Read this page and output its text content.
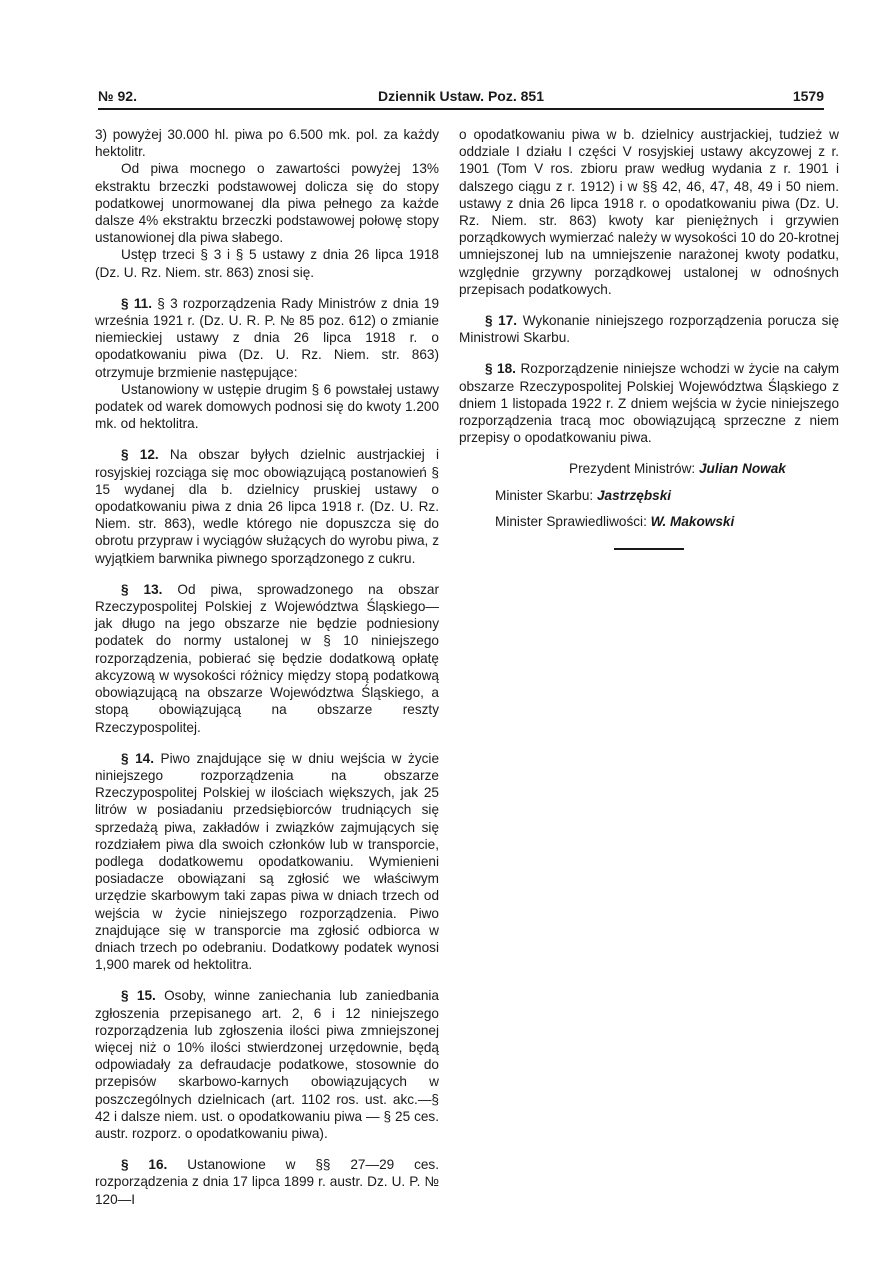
№ 92.	Dziennik Ustaw. Poz. 851	1579

3) powyżej 30.000 hl. piwa po 6.500 mk. pol. za każdy hektolitr.

Od piwa mocnego o zawartości powyżej 13% ekstraktu brzeczki podstawowej dolicza się do stopy podatkowej unormowanej dla piwa pełnego za każde dalsze 4% ekstraktu brzeczki podstawowej połowę stopy ustanowionej dla piwa słabego.

Ustęp trzeci § 3 i § 5 ustawy z dnia 26 lipca 1918 (Dz. U. Rz. Niem. str. 863) znosi się.

§ 11. § 3 rozporządzenia Rady Ministrów z dnia 19 września 1921 r. (Dz. U. R. P. № 85 poz. 612) o zmianie niemieckiej ustawy z dnia 26 lipca 1918 r. o opodatkowaniu piwa (Dz. U. Rz. Niem. str. 863) otrzymuje brzmienie następujące:

Ustanowiony w ustępie drugim § 6 powstałej ustawy podatek od warek domowych podnosi się do kwoty 1.200 mk. od hektolitra.

§ 12. Na obszar byłych dzielnic austrjackiej i rosyjskiej rozciąga się moc obowiązującą postanowień § 15 wydanej dla b. dzielnicy pruskiej ustawy o opodatkowaniu piwa z dnia 26 lipca 1918 r. (Dz. U. Rz. Niem. str. 863), wedle którego nie dopuszcza się do obrotu przypraw i wyciągów służących do wyrobu piwa, z wyjątkiem barwnika piwnego sporządzonego z cukru.

§ 13. Od piwa, sprowadzonego na obszar Rzeczypospolitej Polskiej z Województwa Śląskiego—jak długo na jego obszarze nie będzie podniesiony podatek do normy ustalonej w § 10 niniejszego rozporządzenia, pobierać się będzie dodatkową opłatę akcyzową w wysokości różnicy między stopą podatkową obowiązującą na obszarze Województwa Śląskiego, a stopą obowiązującą na obszarze reszty Rzeczypospolitej.

§ 14. Piwo znajdujące się w dniu wejścia w życie niniejszego rozporządzenia na obszarze Rzeczypospolitej Polskiej w ilościach większych, jak 25 litrów w posiadaniu przedsiębiorców trudniących się sprzedażą piwa, zakładów i związków zajmujących się rozdziałem piwa dla swoich członków lub w transporcie, podlega dodatkowemu opodatkowaniu. Wymienieni posiadacze obowiązani są zgłosić we właściwym urzędzie skarbowym taki zapas piwa w dniach trzech od wejścia w życie niniejszego rozporządzenia. Piwo znajdujące się w transporcie ma zgłosić odbiorca w dniach trzech po odebraniu. Dodatkowy podatek wynosi 1,900 marek od hektolitra.

§ 15. Osoby, winne zaniechania lub zaniedbania zgłoszenia przepisanego art. 2, 6 i 12 niniejszego rozporządzenia lub zgłoszenia ilości piwa zmniejszonej więcej niż o 10% ilości stwierdzonej urzędownie, będą odpowiadały za defraudacje podatkowe, stosownie do przepisów skarbowo-karnych obowiązujących w poszczególnych dzielnicach (art. 1102 ros. ust. akc.—§ 42 i dalsze niem. ust. o opodatkowaniu piwa — § 25 ces. austr. rozporz. o opodatkowaniu piwa).

§ 16. Ustanowione w §§ 27—29 ces. rozporządzenia z dnia 17 lipca 1899 r. austr. Dz. U. P. № 120—I

o opodatkowaniu piwa w b. dzielnicy austrjackiej, tudzież w oddziale I działu I części V rosyjskiej ustawy akcyzowej z r. 1901 (Tom V ros. zbioru praw według wydania z r. 1901 i dalszego ciągu z r. 1912) i w §§ 42, 46, 47, 48, 49 i 50 niem. ustawy z dnia 26 lipca 1918 r. o opodatkowaniu piwa (Dz. U. Rz. Niem. str. 863) kwoty kar pieniężnych i grzywien porządkowych wymierzać należy w wysokości 10 do 20-krotnej umniejszonej lub na umniejszenie narażonej kwoty podatku, względnie grzywny porządkowej ustalonej w odnośnych przepisach podatkowych.

§ 17. Wykonanie niniejszego rozporządzenia porucza się Ministrowi Skarbu.

§ 18. Rozporządzenie niniejsze wchodzi w życie na całym obszarze Rzeczypospolitej Polskiej Województwa Śląskiego z dniem 1 listopada 1922 r. Z dniem wejścia w życie niniejszego rozporządzenia tracą moc obowiązującą sprzeczne z niem przepisy o opodatkowaniu piwa.

Prezydent Ministrów: Julian Nowak
Minister Skarbu: Jastrzębski
Minister Sprawiedliwości: W. Makowski
